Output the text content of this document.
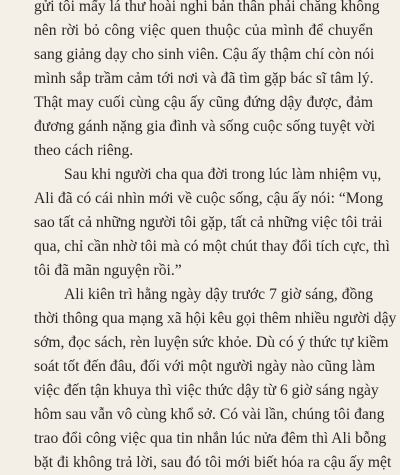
gửi tôi mấy lá thư hoài nghi bản thân phải chăng không
nên rời bỏ công việc quen thuộc của mình để chuyển
sang giảng dạy cho sinh viên. Cậu ấy thậm chí còn nói
mình sắp trầm cảm tới nơi và đã tìm gặp bác sĩ tâm lý.
Thật may cuối cùng cậu ấy cũng đứng dậy được, đảm
đương gánh nặng gia đình và sống cuộc sống tuyệt vời
theo cách riêng.
Sau khi người cha qua đời trong lúc làm nhiệm vụ,
Ali đã có cái nhìn mới về cuộc sống, cậu ấy nói: “Mong
sao tất cả những người tôi gặp, tất cả những việc tôi trải
qua, chỉ cần nhờ tôi mà có một chút thay đổi tích cực, thì
tôi đã mãn nguyện rồi.”
Ali kiên trì hằng ngày dậy trước 7 giờ sáng, đồng
thời thông qua mạng xã hội kêu gọi thêm nhiều người dậy
sớm, đọc sách, rèn luyện sức khỏe. Dù có ý thức tự kiềm
soát tốt đến đâu, đối với một người ngày nào cũng làm
việc đến tận khuya thì việc thức dậy từ 6 giờ sáng ngày
hôm sau vẫn vô cùng khổ sở. Có vài lần, chúng tôi đang
trao đổi công việc qua tin nhắn lúc nửa đêm thì Ali bỗng
bặt đi không trả lời, sau đó tôi mới biết hóa ra cậu ấy mệt
